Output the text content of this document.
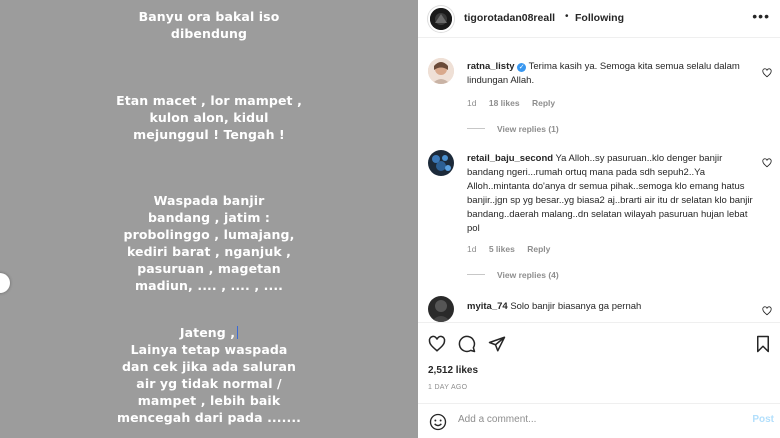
Banyu ora bakal iso
dibendung
Etan macet , lor mampet ,
kulon alon, kidul
mejunggul ! Tengah !
Waspada banjir
bandang , jatim :
probolinggo , lumajang,
kediri barat , nganjuk ,
pasuruan , magetan
madiun, .... , .... , ....
Jateng ,
Lainya tetap waspada
dan cek jika ada saluran
air yg tidak normal /
mampet , lebih baik
mencegah dari pada .......
tigorotadan08reall • Following	•••
ratna_listy ✓ Terima kasih ya. Semoga kita semua selalu dalam lindungan Allah.
1d 18 likes Reply
View replies (1)
retail_baju_second Ya Alloh..sy pasuruan..klo denger banjir bandang ngeri...rumah ortuq mana pada sdh sepuh2..Ya Alloh..mintanta do'anya dr semua pihak..semoga klo emang hatus banjir..jgn sp yg besar..yg biasa2 aj..brarti air itu dr selatan klo banjir bandang..daerah malang..dn selatan wilayah pasuruan hujan lebat pol
1d 5 likes Reply
View replies (4)
myita_74 Solo banjir biasanya ga pernah
2,512 likes
1 DAY AGO
Add a comment...
Post
